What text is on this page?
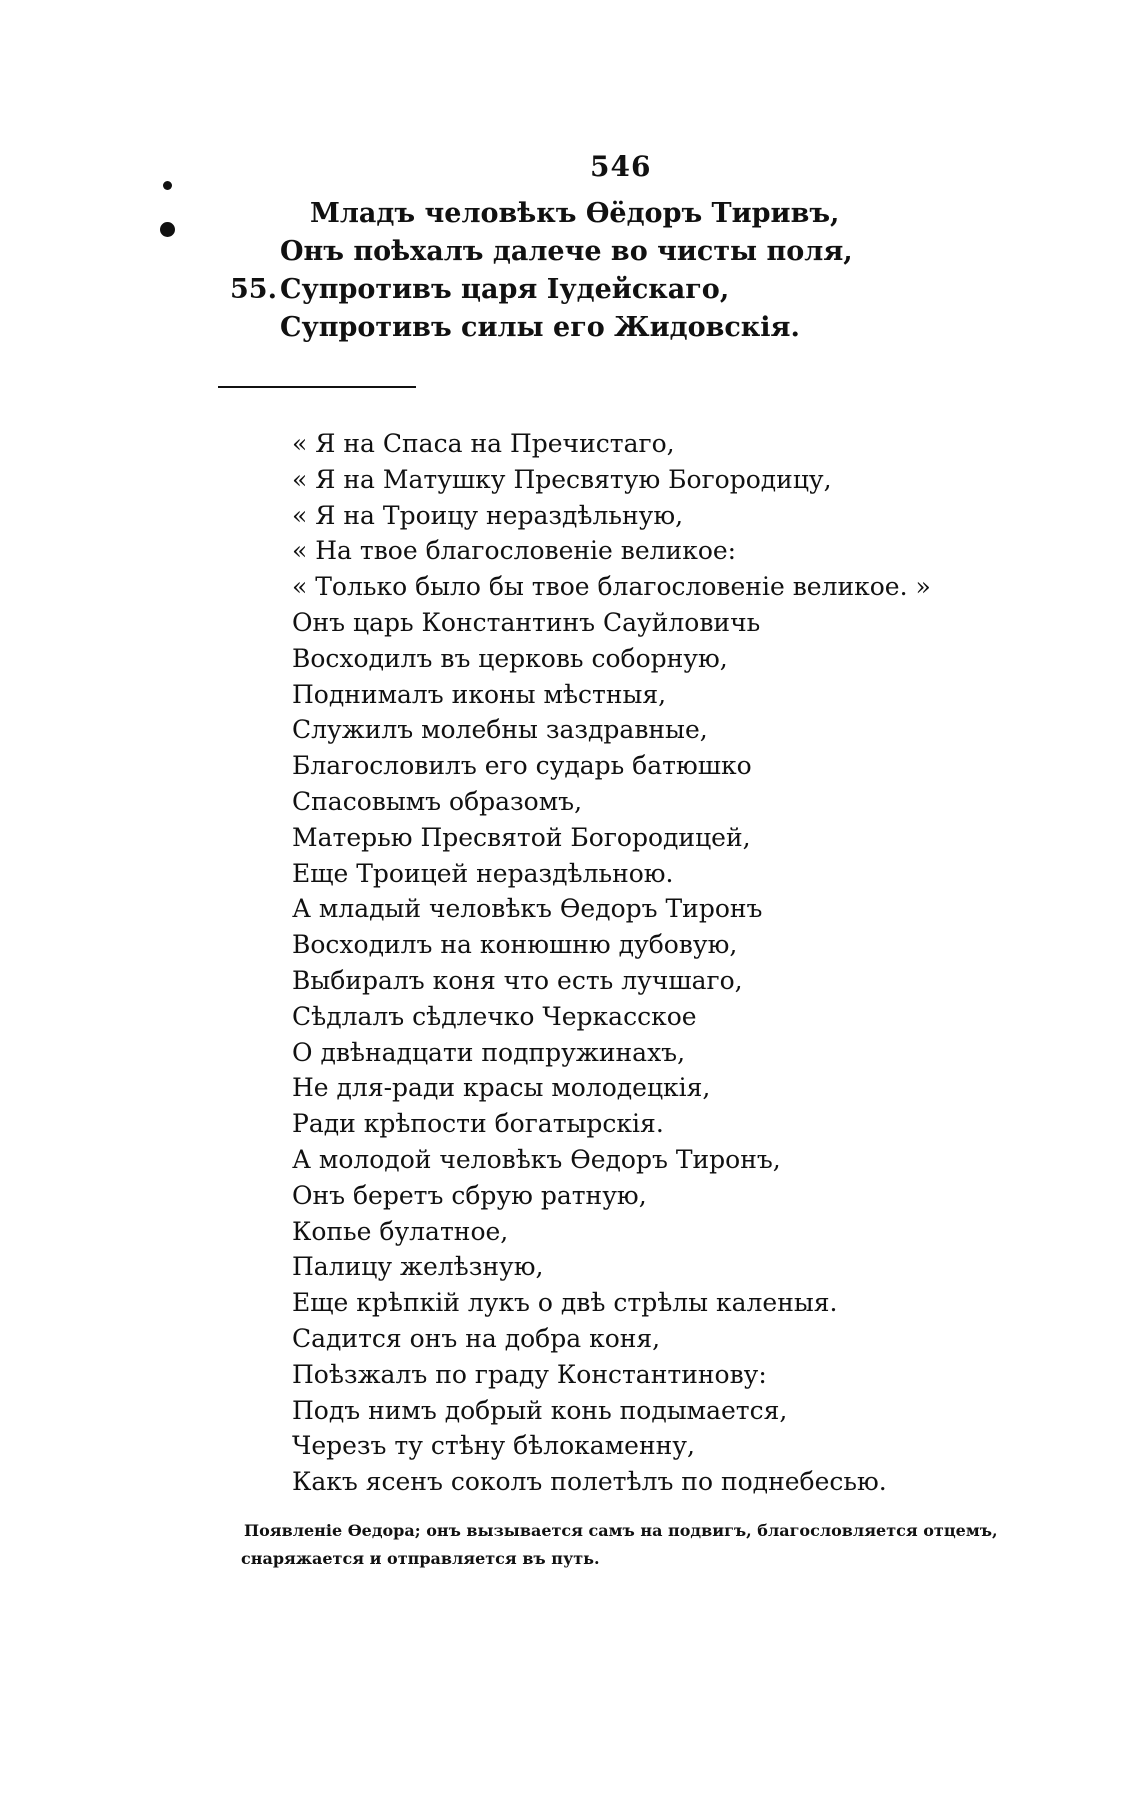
546
Младъ человѣкъ Ѳёдоръ Тиривъ,
Онъ поѣхалъ далече во чисты поля,
55. Супротивъ царя Іудейскаго,
Супротивъ силы его Жидовскія.
« Я на Спаса на Пречистаго,
« Я на Матушку Пресвятую Богородицу,
« Я на Троицу нераздѣльную,
« На твое благословеніе великое:
« Только было бы твое благословеніе великое. »
Онъ царь Константинъ Сауйловичь
Восходилъ въ церковь соборную,
Поднималъ иконы мѣстныя,
Служилъ молебны заздравные,
Благословилъ его сударь батюшко
Спасовымъ образомъ,
Матерью Пресвятой Богородицей,
Еще Троицей нераздѣльною.
А младый человѣкъ Ѳедоръ Тиронъ
Восходилъ на конюшню дубовую,
Выбиралъ коня что есть лучшаго,
Сѣдлалъ сѣдлечко Черкасское
О двѣнадцати подпружинахъ,
Не для-ради красы молодецкія,
Ради крѣпости богатырскія.
А молодой человѣкъ Ѳедоръ Тиронъ,
Онъ беретъ сбрую ратную,
Копье булатное,
Палицу желѣзную,
Еще крѣпкій лукъ о двѣ стрѣлы каленыя.
Садится онъ на добра коня,
Поѣзжалъ по граду Константинову:
Подъ нимъ добрый конь подымается,
Черезъ ту стѣну бѣлокаменну,
Какъ ясенъ соколъ полетѣлъ по поднебесью.
Появленіе Ѳедора; онъ вызывается самъ на подвигъ, благословляется отцемъ,
снаряжается и отправляется въ путь.
